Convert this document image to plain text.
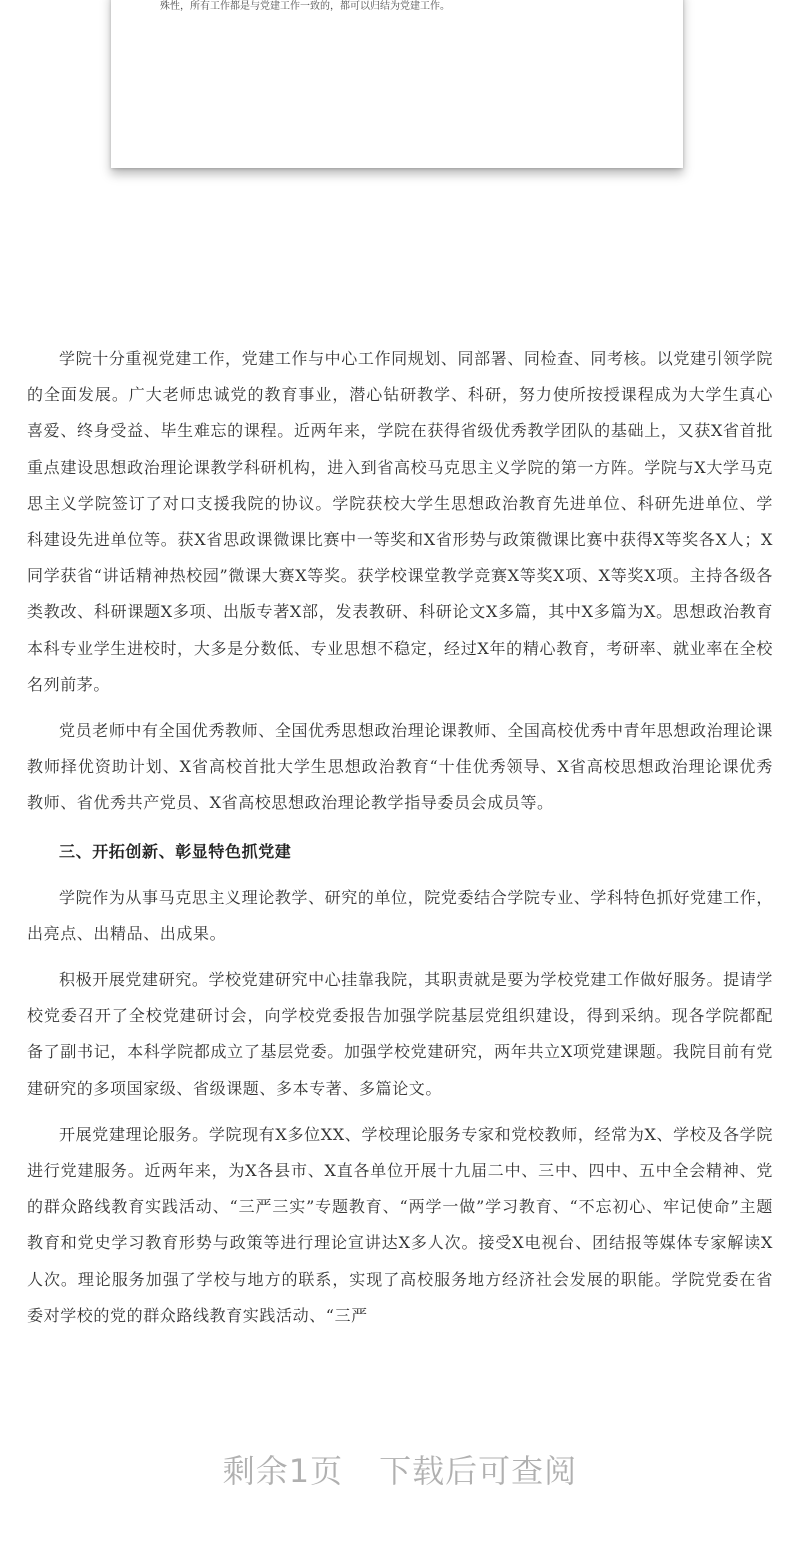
殊性，所有工作都是与党建工作一致的，都可以归结为党建工作。

学院十分重视党建工作，党建工作与中心工作同规划、同部署、同检查、同考核。以党建引领学院的全面发展。广大老师忠诚党的教育事业，潜心钻研教学、科研，努力使所按授课程成为大学生真心喜爱、终身受益、毕生难忘的课程。近两年来，学院在获得省级优秀教学团队的基础上，又获X省首批重点建设思想政治理论课教学科研机构，进入到省高校马克思主义学院的第一方阵。学院与X大学马克思主义学院签订了对口支援我院的协议。学院获校大学生思想政治教育先进单位、科研先进单位、学科建设先进单位等。获X省思政课微课比赛中一等奖和X省形势与政策微课比赛中获得X等奖各X人；X同学获省“讲话精神热校园”微课大赛X等奖。获学校课堂教学竞赛X等奖X项、X等奖X项。主持各级各类教改、科研课题X多项、出版专著X部，发表教研、科研论文X多篇，其中X多篇为X。思想政治教育本科专业学生进校时，大多是分数低、专业思想不稳定，经过X年的精心教育，考研率、就业率在全校名列前茅。

党员老师中有全国优秀教师、全国优秀思想政治理论课教师、全国高校优秀中青年思想政治理论课教师择优资助计划、X省高校首批大学生思想政治教育“十佳优秀领导、X省高校思想政治理论课优秀教师、省优秀共产党员、X省高校思想政治理论教学指导委员会成员等。

三、开拓创新、彰显特色抓党建

学院作为从事马克思主义理论教学、研究的单位，院党委结合学院专业、学科特色抓好党建工作，出亮点、出精品、出成果。

积极开展党建研究。学校党建研究中心挂靠我院，其职责就是要为学校党建工作做好服务。提请学校党委召开了全校党建研讨会，向学校党委报告加强学院基层党组织建设，得到采纳。现各学院都配备了副书记，本科学院都成立了基层党委。加强学校党建研究，两年共立X项党建课题。我院目前有党建研究的多项国家级、省级课题、多本专著、多篇论文。

开展党建理论服务。学院现有X多位XX、学校理论服务专家和党校教师，经常为X、学校及各学院进行党建服务。近两年来，为X各县市、X直各单位开展十九届二中、三中、四中、五中全会精神、党的群众路线教育实践活动、“三严三实”专题教育、“两学一做”学习教育、“不忘初心、牢记使命”主题教育和党史学习教育形势与政策等进行理论宣讲达X多人次。接受X电视台、团结报等媒体专家解读X人次。理论服务加强了学校与地方的联系，实现了高校服务地方经济社会发展的职能。学院党委在省委对学校的党的群众路线教育实践活动、“三严

剩余1页 下载后可查阅
